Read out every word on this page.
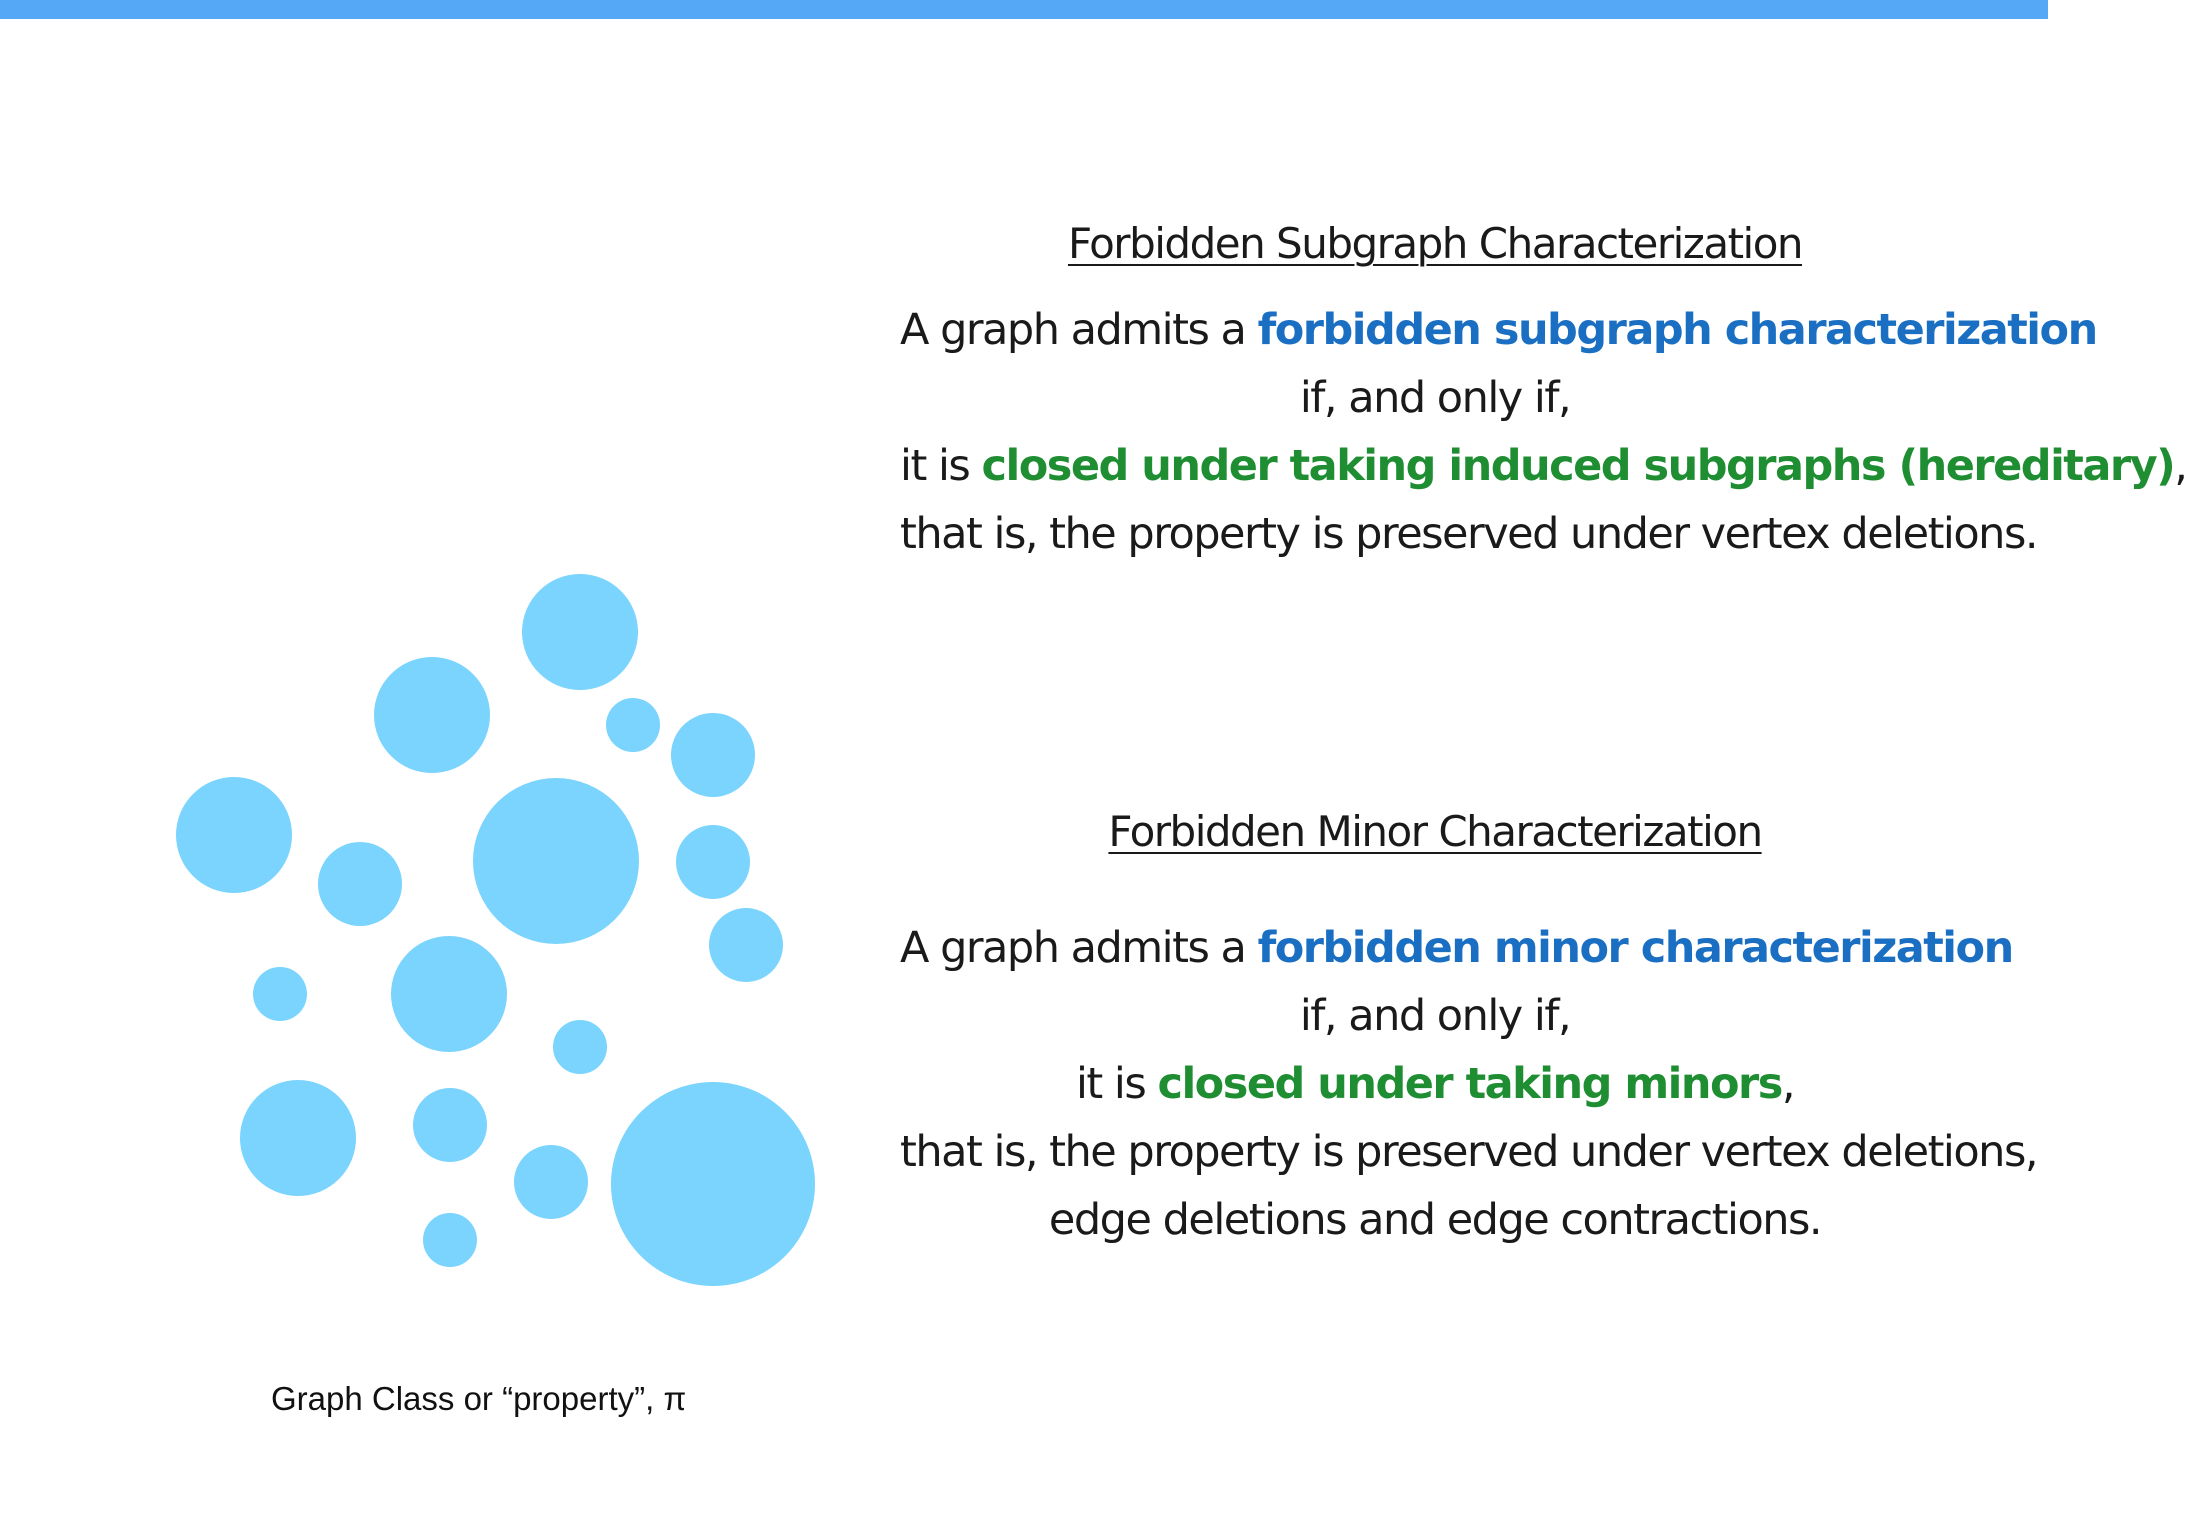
Graph Class or “property”, π
Forbidden Subgraph Characterization
A graph admits a forbidden subgraph characterization
if, and only if,
it is closed under taking induced subgraphs (hereditary),
that is, the property is preserved under vertex deletions.
Forbidden Minor Characterization
A graph admits a forbidden minor characterization
if, and only if,
it is closed under taking minors,
that is, the property is preserved under vertex deletions,
edge deletions and edge contractions.
